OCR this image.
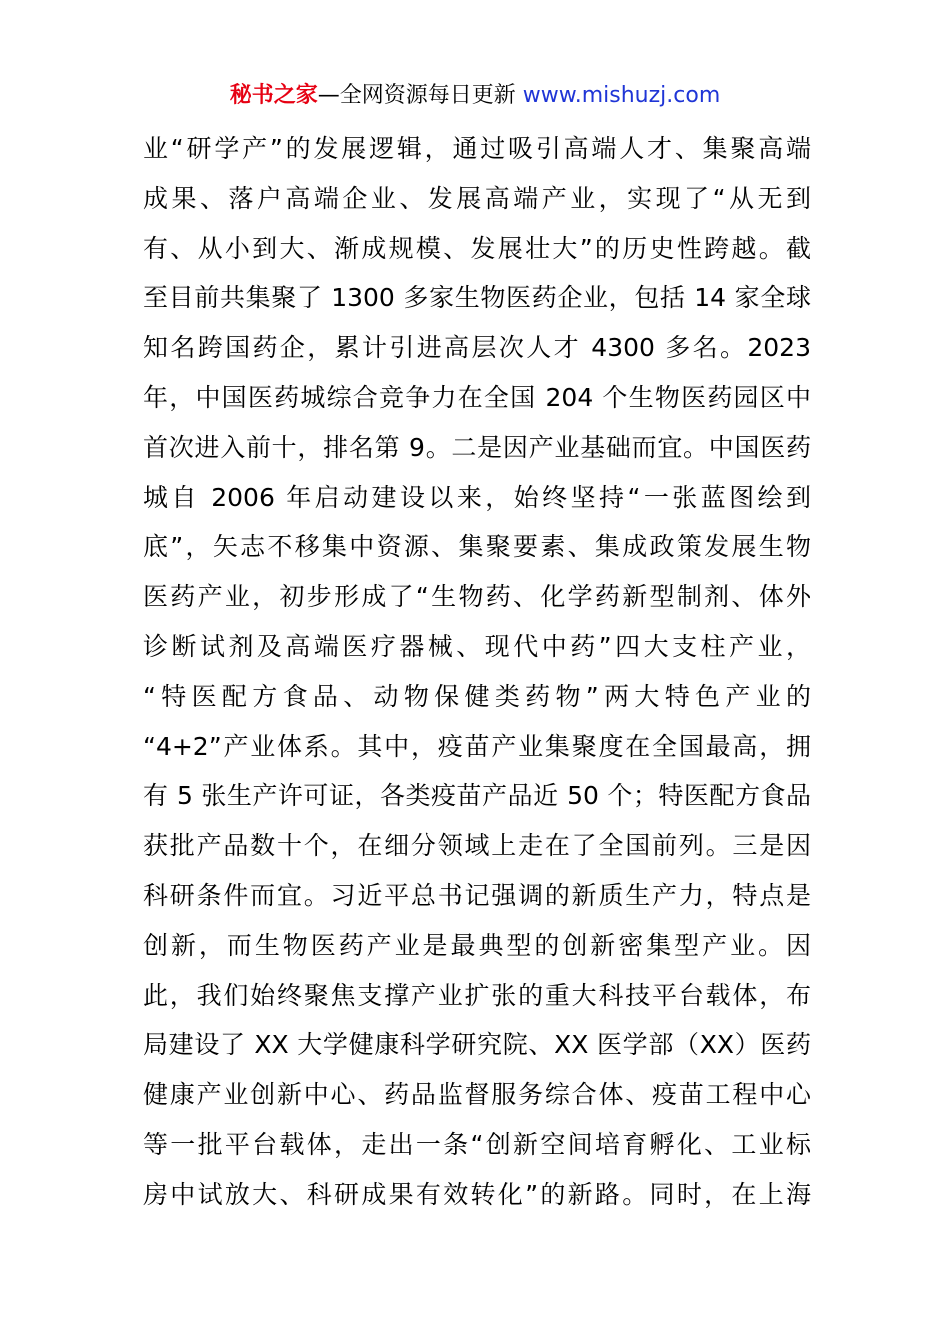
秘书之家—全网资源每日更新 www.mishuzj.com
业“研学产”的发展逻辑，通过吸引高端人才、集聚高端
成果、落户高端企业、发展高端产业，实现了“从无到
有、从小到大、渐成规模、发展壮大”的历史性跨越。截
至目前共集聚了 1300 多家生物医药企业，包括 14 家全球
知名跨国药企，累计引进高层次人才 4300 多名。2023
年，中国医药城综合竞争力在全国 204 个生物医药园区中
首次进入前十，排名第 9。二是因产业基础而宜。中国医药
城自 2006 年启动建设以来，始终坚持“一张蓝图绘到
底”，矢志不移集中资源、集聚要素、集成政策发展生物
医药产业，初步形成了“生物药、化学药新型制剂、体外
诊断试剂及高端医疗器械、现代中药”四大支柱产业，
“特医配方食品、动物保健类药物”两大特色产业的
“4+2”产业体系。其中，疫苗产业集聚度在全国最高，拥
有 5 张生产许可证，各类疫苗产品近 50 个；特医配方食品
获批产品数十个，在细分领域上走在了全国前列。三是因
科研条件而宜。习近平总书记强调的新质生产力，特点是
创新，而生物医药产业是最典型的创新密集型产业。因
此，我们始终聚焦支撑产业扩张的重大科技平台载体，布
局建设了 XX 大学健康科学研究院、XX 医学部（XX）医药
健康产业创新中心、药品监督服务综合体、疫苗工程中心
等一批平台载体，走出一条“创新空间培育孵化、工业标
房中试放大、科研成果有效转化”的新路。同时，在上海
